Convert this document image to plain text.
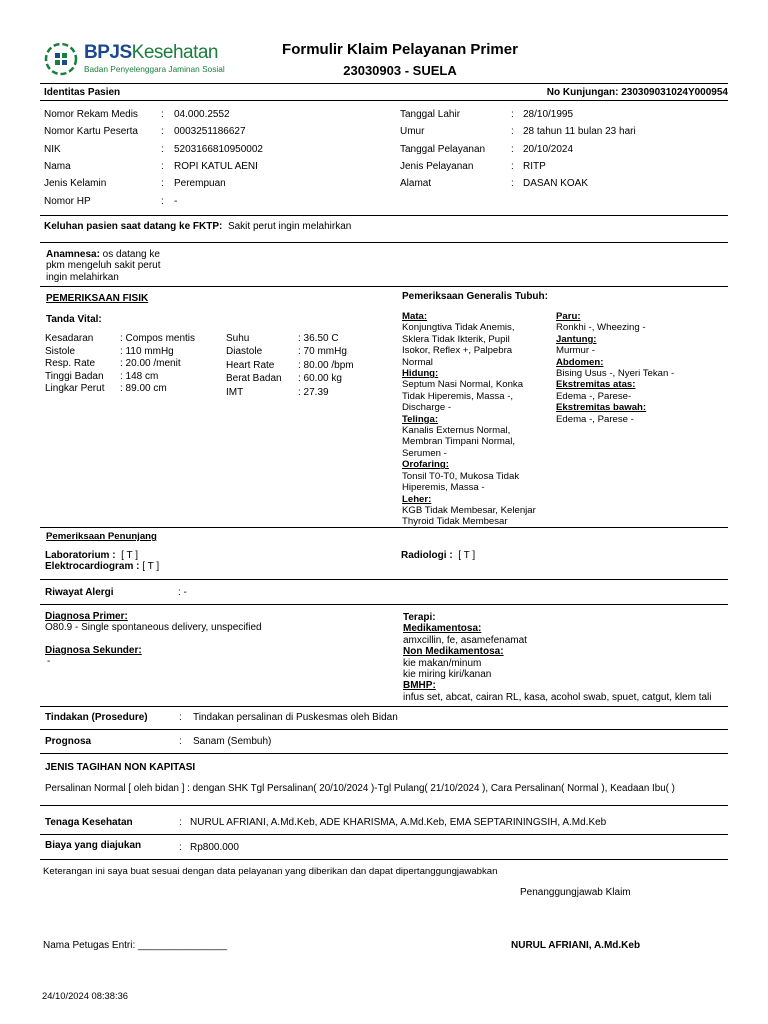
BPJSKesehatan
Badan Penyelenggara Jaminan Sosial
Formulir Klaim Pelayanan Primer
23030903 - SUELA
Identitas Pasien	No Kunjungan: 230309031024Y000954
Nomor Rekam Medis : 04.000.2552
Nomor Kartu Peserta : 0003251186627
NIK	: 5203166810950002
Nama	: ROPI KATUL AENI
Jenis Kelamin	: Perempuan
Nomor HP	: -
Tanggal Lahir	: 28/10/1995
Umur	: 28 tahun 11 bulan 23 hari
Tanggal Pelayanan	: 20/10/2024
Jenis Pelayanan	: RITP
Alamat	: DASAN KOAK
Keluhan pasien saat datang ke FKTP: Sakit perut ingin melahirkan
Anamnesa: os datang ke
pkm mengeluh sakit perut
ingin melahirkan
PEMERIKSAAN FISIK
Tanda Vital:
Kesadaran	: Compos mentis
Sistole	: 110 mmHg
Resp. Rate : 20.00 /menit
Tinggi Badan : 148 cm
Lingkar Perut : 89.00 cm
Suhu	: 36.50 C
Diastole	: 70 mmHg
Heart Rate : 80.00 /bpm
Berat Badan : 60.00 kg
IMT	: 27.39
Pemeriksaan Generalis Tubuh:
Mata:
Konjungtiva Tidak Anemis,
Sklera Tidak Ikterik, Pupil
Isokor, Reflex +, Palpebra
Normal
Hidung:
Septum Nasi Normal, Konka
Tidak Hiperemis, Massa -,
Discharge -
Telinga:
Kanalis Externus Normal,
Membran Timpani Normal,
Serumen -
Orofaring:
Tonsil T0-T0, Mukosa Tidak
Hiperemis, Massa -
Leher:
KGB Tidak Membesar, Kelenjar
Thyroid Tidak Membesar
Paru:
Ronkhi -, Wheezing -
Jantung:
Murmur -
Abdomen:
Bising Usus -, Nyeri Tekan -
Ekstremitas atas:
Edema -, Parese-
Ekstremitas bawah:
Edema -, Parese -
Pemeriksaan Penunjang
Laboratorium : [ T ]
Elektrocardiogram : [ T ]
Radiologi : [ T ]
Riwayat Alergi	: -
Diagnosa Primer:
O80.9 - Single spontaneous delivery, unspecified
Diagnosa Sekunder:
-
Terapi:
Medikamentosa:
amxcillin, fe, asamefenamat
Non Medikamentosa:
kie makan/minum
kie miring kiri/kanan
BMHP:
infus set, abcat, cairan RL, kasa, acohol swab, spuet, catgut, klem tali
Tindakan (Prosedure)	: Tindakan persalinan di Puskesmas oleh Bidan
Prognosa	: Sanam (Sembuh)
JENIS TAGIHAN NON KAPITASI
Persalinan Normal [ oleh bidan ] : dengan SHK Tgl Persalinan( 20/10/2024 )-Tgl Pulang( 21/10/2024 ), Cara Persalinan( Normal ), Keadaan Ibu( )
Tenaga Kesehatan	: NURUL AFRIANI, A.Md.Keb, ADE KHARISMA, A.Md.Keb, EMA SEPTARININGSIH, A.Md.Keb
Biaya yang diajukan	: Rp800.000
Keterangan ini saya buat sesuai dengan data pelayanan yang diberikan dan dapat dipertanggungjawabkan
Penanggungjawab Klaim
Nama Petugas Entri: ________________	NURUL AFRIANI, A.Md.Keb
24/10/2024 08:38:36
